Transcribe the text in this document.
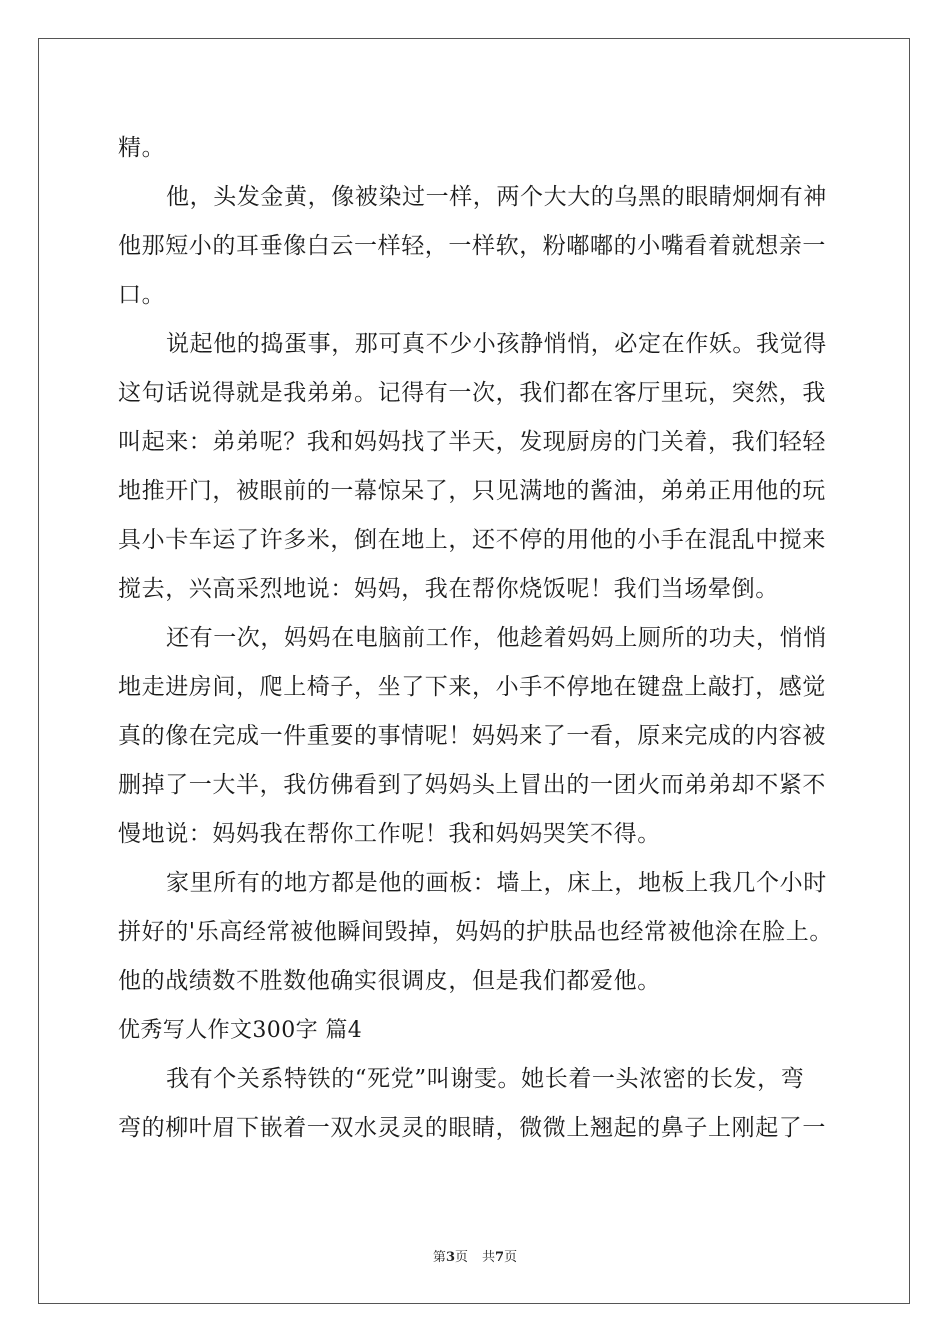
精。
他，头发金黄，像被染过一样，两个大大的乌黑的眼睛炯炯有神
他那短小的耳垂像白云一样轻，一样软，粉嘟嘟的小嘴看着就想亲一
口。
说起他的捣蛋事，那可真不少小孩静悄悄，必定在作妖。我觉得
这句话说得就是我弟弟。记得有一次，我们都在客厅里玩，突然，我
叫起来：弟弟呢？我和妈妈找了半天，发现厨房的门关着，我们轻轻
地推开门，被眼前的一幕惊呆了，只见满地的酱油，弟弟正用他的玩
具小卡车运了许多米，倒在地上，还不停的用他的小手在混乱中搅来
搅去，兴高采烈地说：妈妈，我在帮你烧饭呢！我们当场晕倒。
还有一次，妈妈在电脑前工作，他趁着妈妈上厕所的功夫，悄悄
地走进房间，爬上椅子，坐了下来，小手不停地在键盘上敲打，感觉
真的像在完成一件重要的事情呢！妈妈来了一看，原来完成的内容被
删掉了一大半，我仿佛看到了妈妈头上冒出的一团火而弟弟却不紧不
慢地说：妈妈我在帮你工作呢！我和妈妈哭笑不得。
家里所有的地方都是他的画板：墙上，床上，地板上我几个小时
拼好的'乐高经常被他瞬间毁掉，妈妈的护肤品也经常被他涂在脸上。
他的战绩数不胜数他确实很调皮，但是我们都爱他。
优秀写人作文300字 篇4
我有个关系特铁的“死党”叫谢雯。她长着一头浓密的长发，弯
弯的柳叶眉下嵌着一双水灵灵的眼睛，微微上翘起的鼻子上刚起了一
第3页 共7页
